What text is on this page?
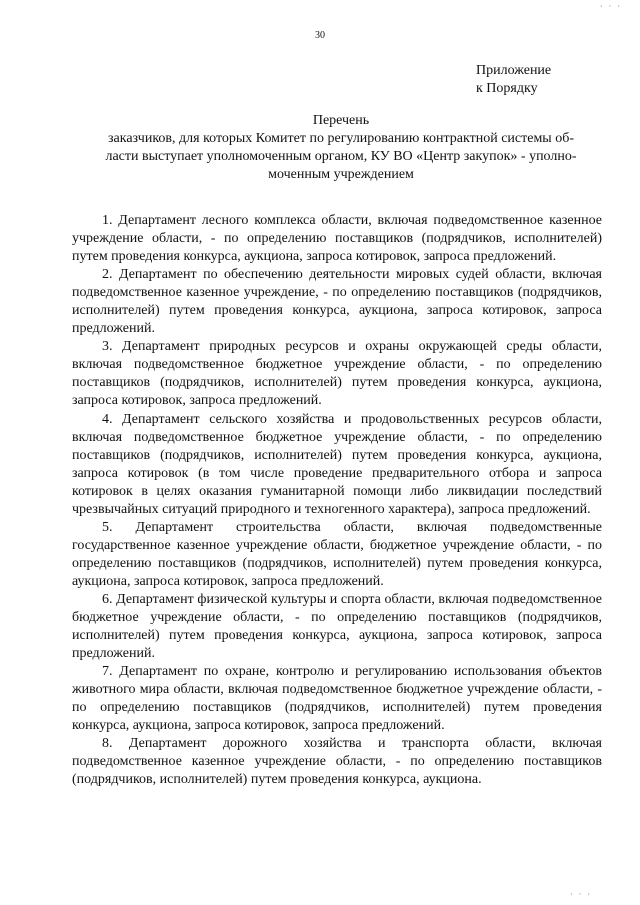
30
Приложение
к Порядку
Перечень
заказчиков, для которых Комитет по регулированию контрактной системы об-
ласти выступает уполномоченным органом, КУ ВО «Центр закупок» - уполно-
моченным учреждением

1. Департамент лесного комплекса области, включая подведомственное казенное учреждение области, - по определению поставщиков (подрядчиков, исполнителей) путем проведения конкурса, аукциона, запроса котировок, запроса предложений.

2. Департамент по обеспечению деятельности мировых судей области, включая подведомственное казенное учреждение, - по определению поставщиков (подрядчиков, исполнителей) путем проведения конкурса, аукциона, запроса котировок, запроса предложений.

3. Департамент природных ресурсов и охраны окружающей среды области, включая подведомственное бюджетное учреждение области, - по определению поставщиков (подрядчиков, исполнителей) путем проведения конкурса, аукциона, запроса котировок, запроса предложений.

4. Департамент сельского хозяйства и продовольственных ресурсов области, включая подведомственное бюджетное учреждение области, - по определению поставщиков (подрядчиков, исполнителей) путем проведения конкурса, аукциона, запроса котировок (в том числе проведение предварительного отбора и запроса котировок в целях оказания гуманитарной помощи либо ликвидации последствий чрезвычайных ситуаций природного и техногенного характера), запроса предложений.

5. Департамент строительства области, включая подведомственные государственное казенное учреждение области, бюджетное учреждение области, - по определению поставщиков (подрядчиков, исполнителей) путем проведения конкурса, аукциона, запроса котировок, запроса предложений.

6. Департамент физической культуры и спорта области, включая подведомственное бюджетное учреждение области, - по определению поставщиков (подрядчиков, исполнителей) путем проведения конкурса, аукциона, запроса котировок, запроса предложений.

7. Департамент по охране, контролю и регулированию использования объектов животного мира области, включая подведомственное бюджетное учреждение области, - по определению поставщиков (подрядчиков, исполнителей) путем проведения конкурса, аукциона, запроса котировок, запроса предложений.

8. Департамент дорожного хозяйства и транспорта области, включая подведомственное казенное учреждение области, - по определению поставщиков (подрядчиков, исполнителей) путем проведения конкурса, аукциона.

· · ·
· · ·
